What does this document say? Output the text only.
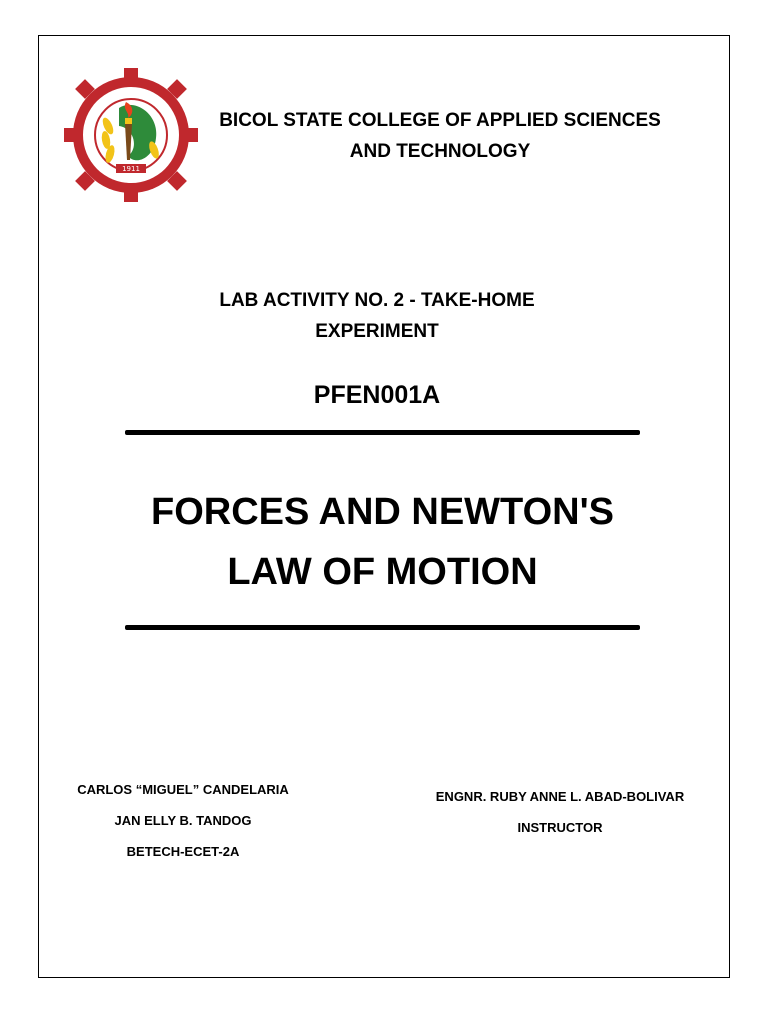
1911
BICOL STATE COLLEGE OF APPLIED SCIENCES
AND TECHNOLOGY
LAB ACTIVITY NO. 2 - TAKE-HOME
EXPERIMENT
PFEN001A
FORCES AND NEWTON'S
LAW OF MOTION
CARLOS “MIGUEL” CANDELARIA
JAN ELLY B. TANDOG
BETECH-ECET-2A
ENGNR. RUBY ANNE L. ABAD-BOLIVAR
INSTRUCTOR
